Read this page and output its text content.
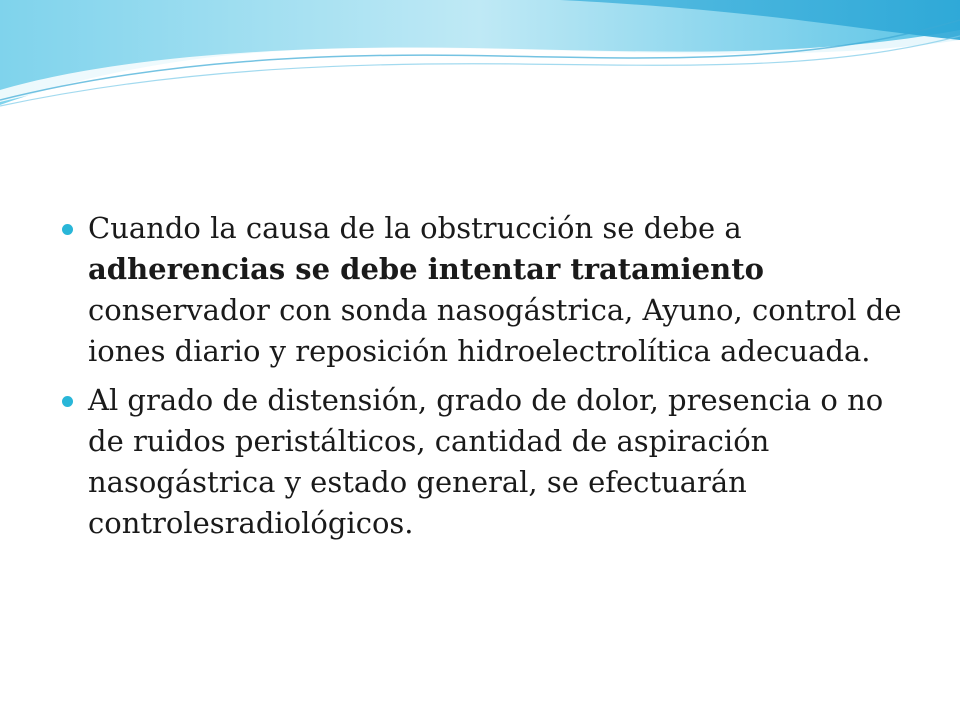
Cuando la causa de la obstrucción se debe a adherencias se debe intentar tratamiento conservador con sonda nasogástrica, Ayuno, control de iones diario y reposición hidroelectrolítica adecuada.
Al grado de distensión, grado de dolor, presencia o no de ruidos peristálticos, cantidad de aspiración nasogástrica y estado general, se efectuarán controlesradiológicos.
